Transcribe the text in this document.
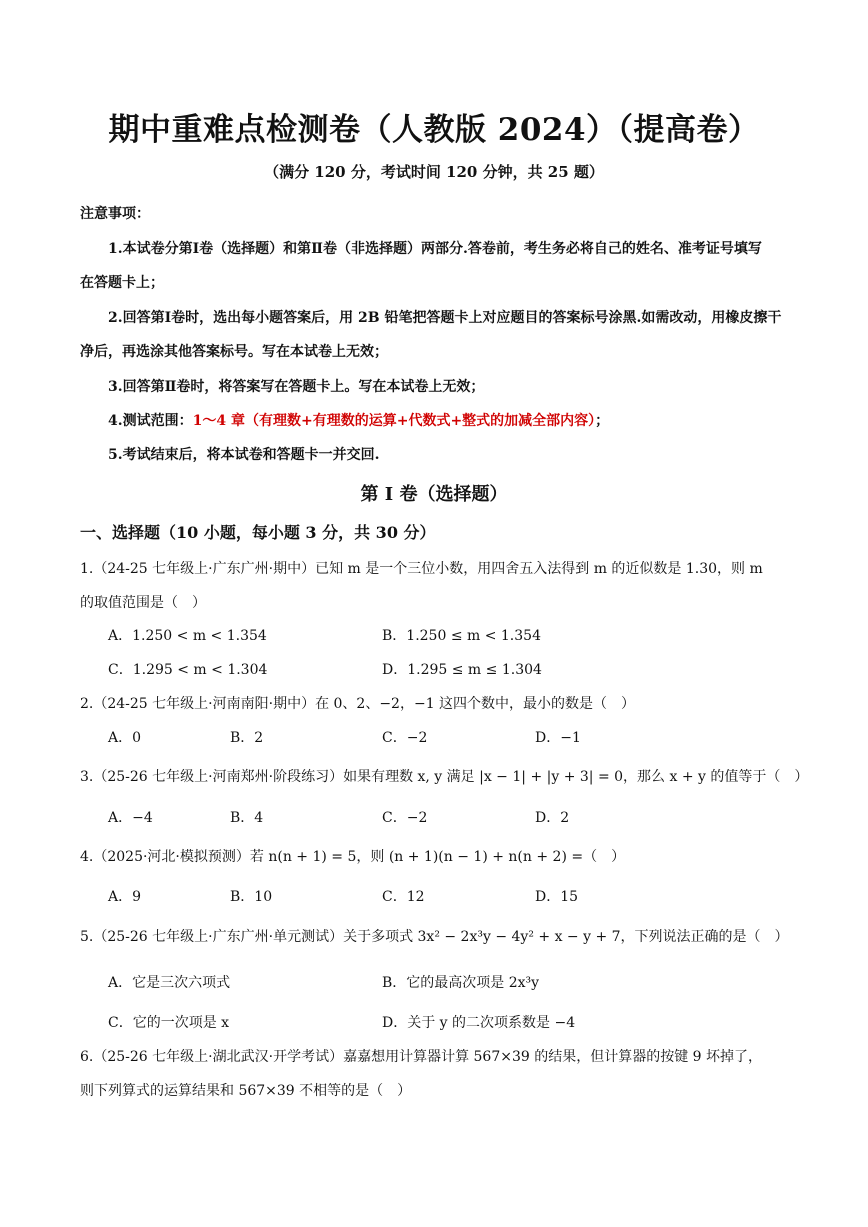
期中重难点检测卷（人教版 2024）（提高卷）
（满分 120 分，考试时间 120 分钟，共 25 题）
注意事项：
1.本试卷分第Ⅰ卷（选择题）和第Ⅱ卷（非选择题）两部分.答卷前，考生务必将自己的姓名、准考证号填写
在答题卡上；
2.回答第Ⅰ卷时，选出每小题答案后，用 2B 铅笔把答题卡上对应题目的答案标号涂黑.如需改动，用橡皮擦干
净后，再选涂其他答案标号。写在本试卷上无效；
3.回答第Ⅱ卷时，将答案写在答题卡上。写在本试卷上无效；
4.测试范围：1～4 章（有理数+有理数的运算+代数式+整式的加减全部内容）；
5.考试结束后，将本试卷和答题卡一并交回.
第 I 卷（选择题）
一、选择题（10 小题，每小题 3 分，共 30 分）
1.（24-25 七年级上·广东广州·期中）已知 m 是一个三位小数，用四舍五入法得到 m 的近似数是 1.30，则 m
的取值范围是（　）
A．1.250 < m < 1.354	B．1.250 ≤ m < 1.354
C．1.295 < m < 1.304	D．1.295 ≤ m ≤ 1.304
2.（24-25 七年级上·河南南阳·期中）在 0、2、−2，−1 这四个数中，最小的数是（　）
A．0	B．2	C．−2	D．−1
3.（25-26 七年级上·河南郑州·阶段练习）如果有理数 x, y 满足 |x − 1| + |y + 3| = 0，那么 x + y 的值等于（　）
A．−4	B．4	C．−2	D．2
4.（2025·河北·模拟预测）若 n(n + 1) = 5，则 (n + 1)(n − 1) + n(n + 2) =（　）
A．9	B．10	C．12	D．15
5.（25-26 七年级上·广东广州·单元测试）关于多项式 3x² − 2x³y − 4y² + x − y + 7，下列说法正确的是（　）
A．它是三次六项式	B．它的最高次项是 2x³y
C．它的一次项是 x	D．关于 y 的二次项系数是 −4
6.（25-26 七年级上·湖北武汉·开学考试）嘉嘉想用计算器计算 567×39 的结果，但计算器的按键 9 坏掉了，
则下列算式的运算结果和 567×39 不相等的是（　）
